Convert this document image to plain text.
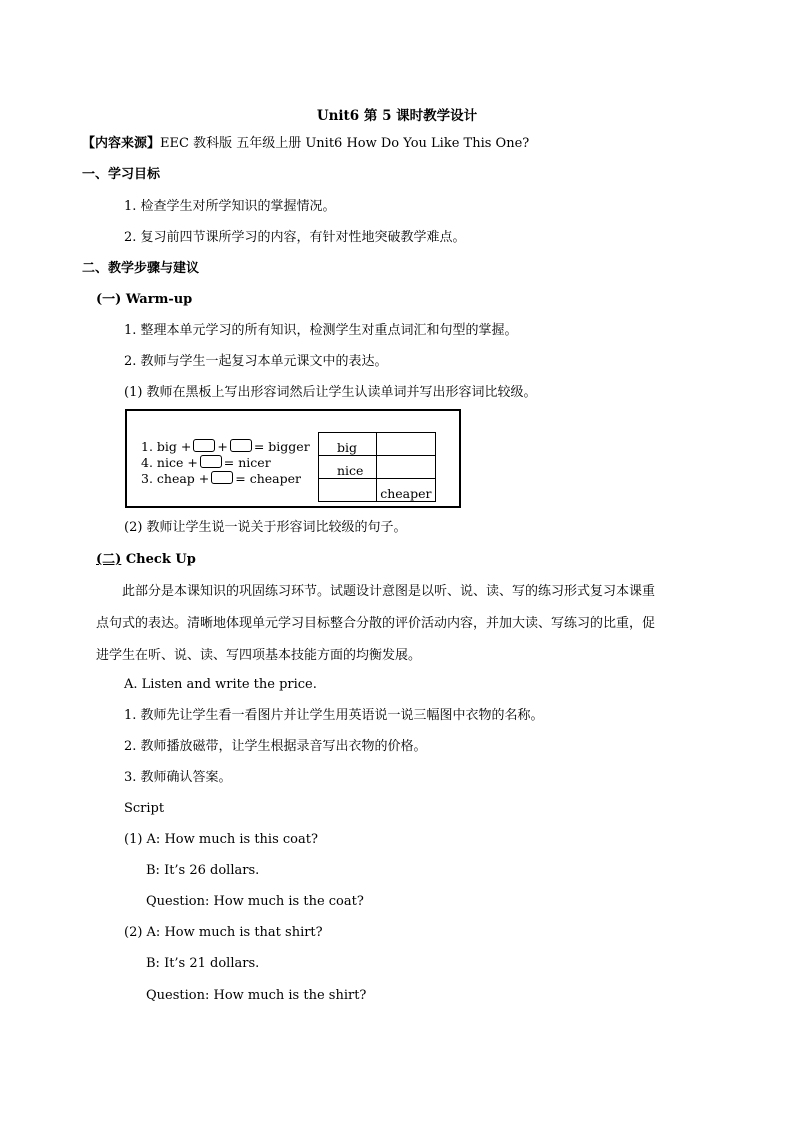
Unit6 第 5 课时教学设计
【内容来源】EEC 教科版 五年级上册 Unit6 How Do You Like This One?
一、学习目标
1. 检查学生对所学知识的掌握情况。
2. 复习前四节课所学习的内容，有针对性地突破教学难点。
二、教学步骤与建议
(一) Warm-up
1. 整理本单元学习的所有知识，检测学生对重点词汇和句型的掌握。
2. 教师与学生一起复习本单元课文中的表达。
(1) 教师在黑板上写出形容词然后让学生认读单词并写出形容词比较级。
1. big + + = bigger
4. nice + = nicer
3. cheap + = cheaper
big	
nice	
	cheaper
(2) 教师让学生说一说关于形容词比较级的句子。
(二) Check Up
此部分是本课知识的巩固练习环节。试题设计意图是以听、说、读、写的练习形式复习本课重
点句式的表达。清晰地体现单元学习目标整合分散的评价活动内容，并加大读、写练习的比重，促
进学生在听、说、读、写四项基本技能方面的均衡发展。
A. Listen and write the price.
1. 教师先让学生看一看图片并让学生用英语说一说三幅图中衣物的名称。
2. 教师播放磁带，让学生根据录音写出衣物的价格。
3. 教师确认答案。
Script
(1) A: How much is this coat?
B: It’s 26 dollars.
Question: How much is the coat?
(2) A: How much is that shirt?
B: It’s 21 dollars.
Question: How much is the shirt?
